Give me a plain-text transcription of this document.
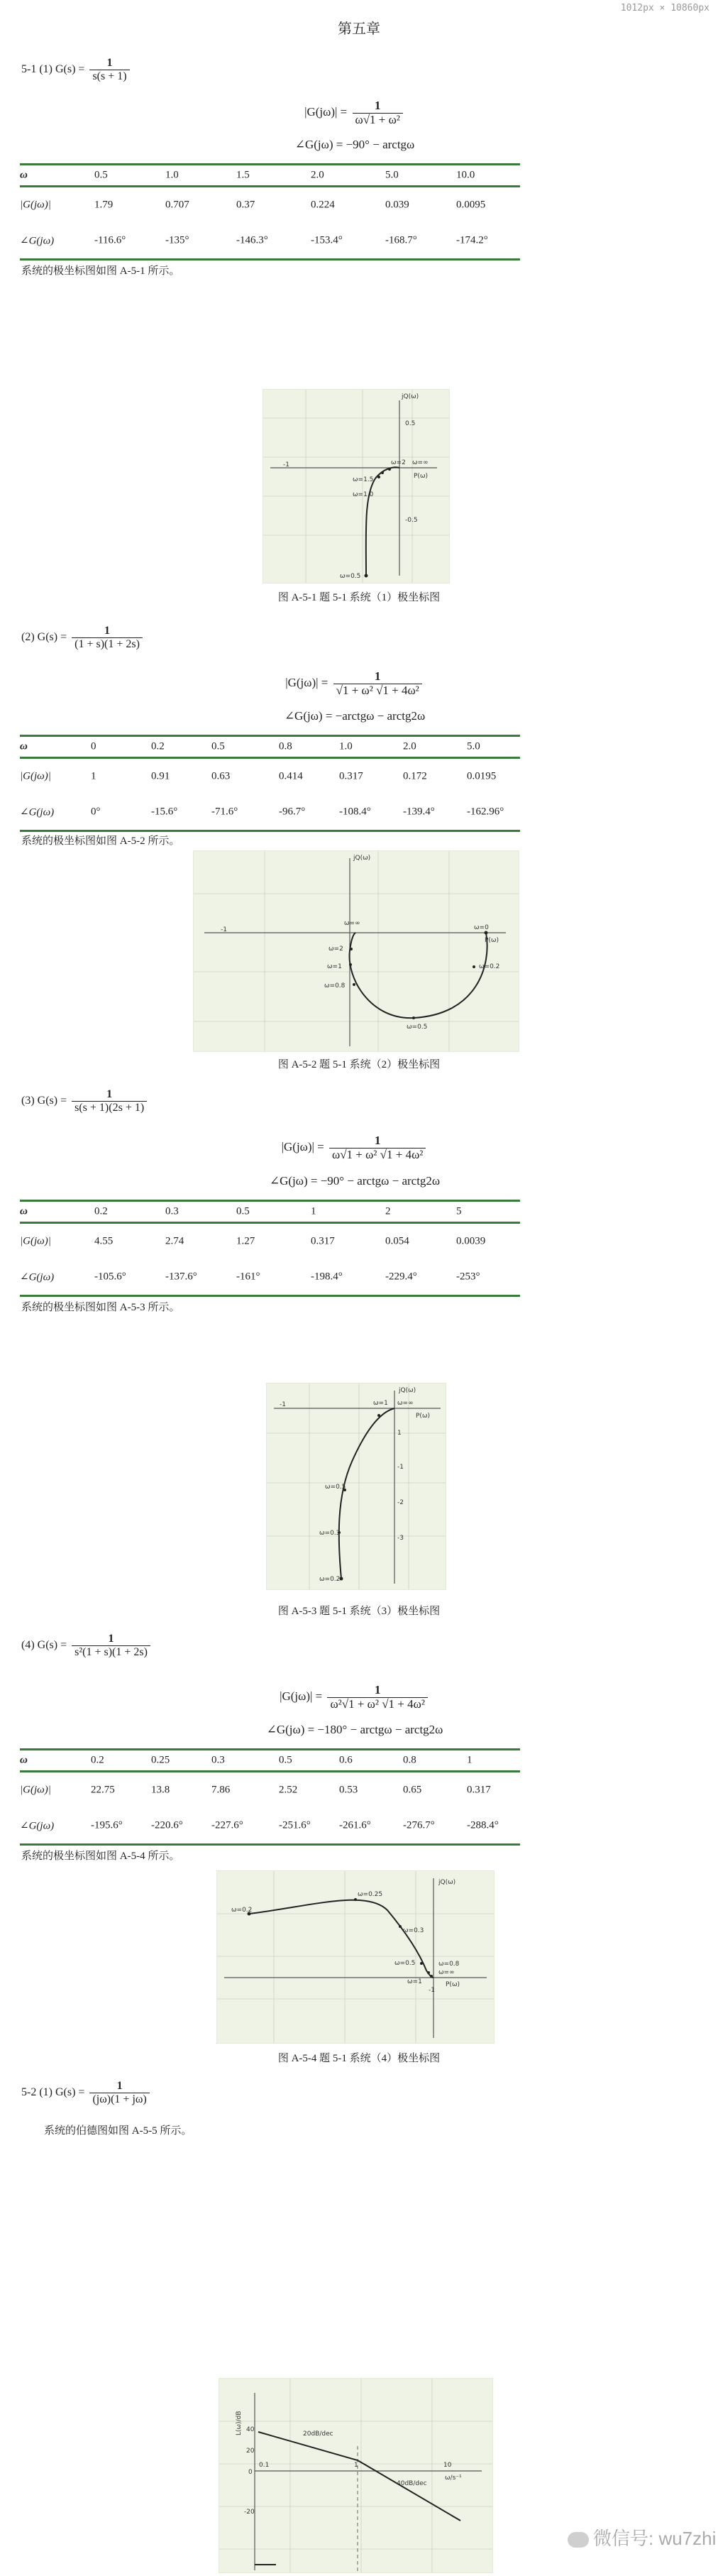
1012px × 10860px
第五章
5-1 (1) $G(s) = \frac{1}{s(s + 1)}$
$|G(j\omega)| = \frac{1}{\text{ω√1 + ω²}}$
∠G(jω) = −90° − arctgω
ω	0.5	1.0	1.5	2.0	5.0	10.0
|G(jω)|	1.79	0.707	0.37	0.224	0.039	0.0095
∠G(jω)	-116.6°	-135°	-146.3°	-153.4°	-168.7°	-174.2°
系统的极坐标图如图 A-5-1 所示。
jQ(ω)
ω=∞
P(ω)
ω=2
ω=1.5
ω=1.0
ω=0.5
-1
0.5
-0.5
图 A-5-1 题 5-1 系统（1）极坐标图
(2) $G(s) = \frac{1}{(1 + s)(1 + 2s)}$
$|G(j\omega)| = \frac{1}{\text{√1 + ω² √1 + 4ω²}}$
∠G(jω) = −arctgω − arctg2ω
ω	0	0.2	0.5	0.8	1.0	2.0	5.0
|G(jω)|	1	0.91	0.63	0.414	0.317	0.172	0.0195
∠G(jω)	0°	-15.6°	-71.6°	-96.7°	-108.4°	-139.4°	-162.96°
系统的极坐标图如图 A-5-2 所示。
jQ(ω)
ω=∞
P(ω)
ω=0
ω=2
ω=1
ω=0.8
ω=0.5
ω=0.2
-1
图 A-5-2 题 5-1 系统（2）极坐标图
(3) $G(s) = \frac{1}{s(s + 1)(2s + 1)}$
$|G(j\omega)| = \frac{1}{\text{ω√1 + ω² √1 + 4ω²}}$
∠G(jω) = −90° − arctgω − arctg2ω
ω	0.2	0.3	0.5	1	2	5
|G(jω)|	4.55	2.74	1.27	0.317	0.054	0.0039
∠G(jω)	-105.6°	-137.6°	-161°	-198.4°	-229.4°	-253°
系统的极坐标图如图 A-5-3 所示。
jQ(ω)
ω=∞
P(ω)
ω=1
ω=0.5
ω=0.3
ω=0.2
-1
1
-1
-2
-3
图 A-5-3 题 5-1 系统（3）极坐标图
(4) $G(s) = \frac{1}{\text{s²(1 + s)(1 + 2s)}}$
$|G(j\omega)| = \frac{1}{\text{ω²√1 + ω² √1 + 4ω²}}$
∠G(jω) = −180° − arctgω − arctg2ω
ω	0.2	0.25	0.3	0.5	0.6	0.8	1
|G(jω)|	22.75	13.8	7.86	2.52	0.53	0.65	0.317
∠G(jω)	-195.6°	-220.6°	-227.6°	-251.6°	-261.6°	-276.7°	-288.4°
系统的极坐标图如图 A-5-4 所示。
jQ(ω)
ω=∞
P(ω)
ω=0.2
ω=0.25
ω=0.3
ω=0.5	ω=0.8
ω=1
-1
图 A-5-4 题 5-1 系统（4）极坐标图
5-2 (1) $G(s) = \frac{1}{(j\omega)(1 + j\omega)}$
系统的伯德图如图 A-5-5 所示。
L(ω)/dB	20dB/dec
40dB/dec
40
20
0
-20
0.1	1	10
ω/s⁻¹
微信号: wu7zhi
